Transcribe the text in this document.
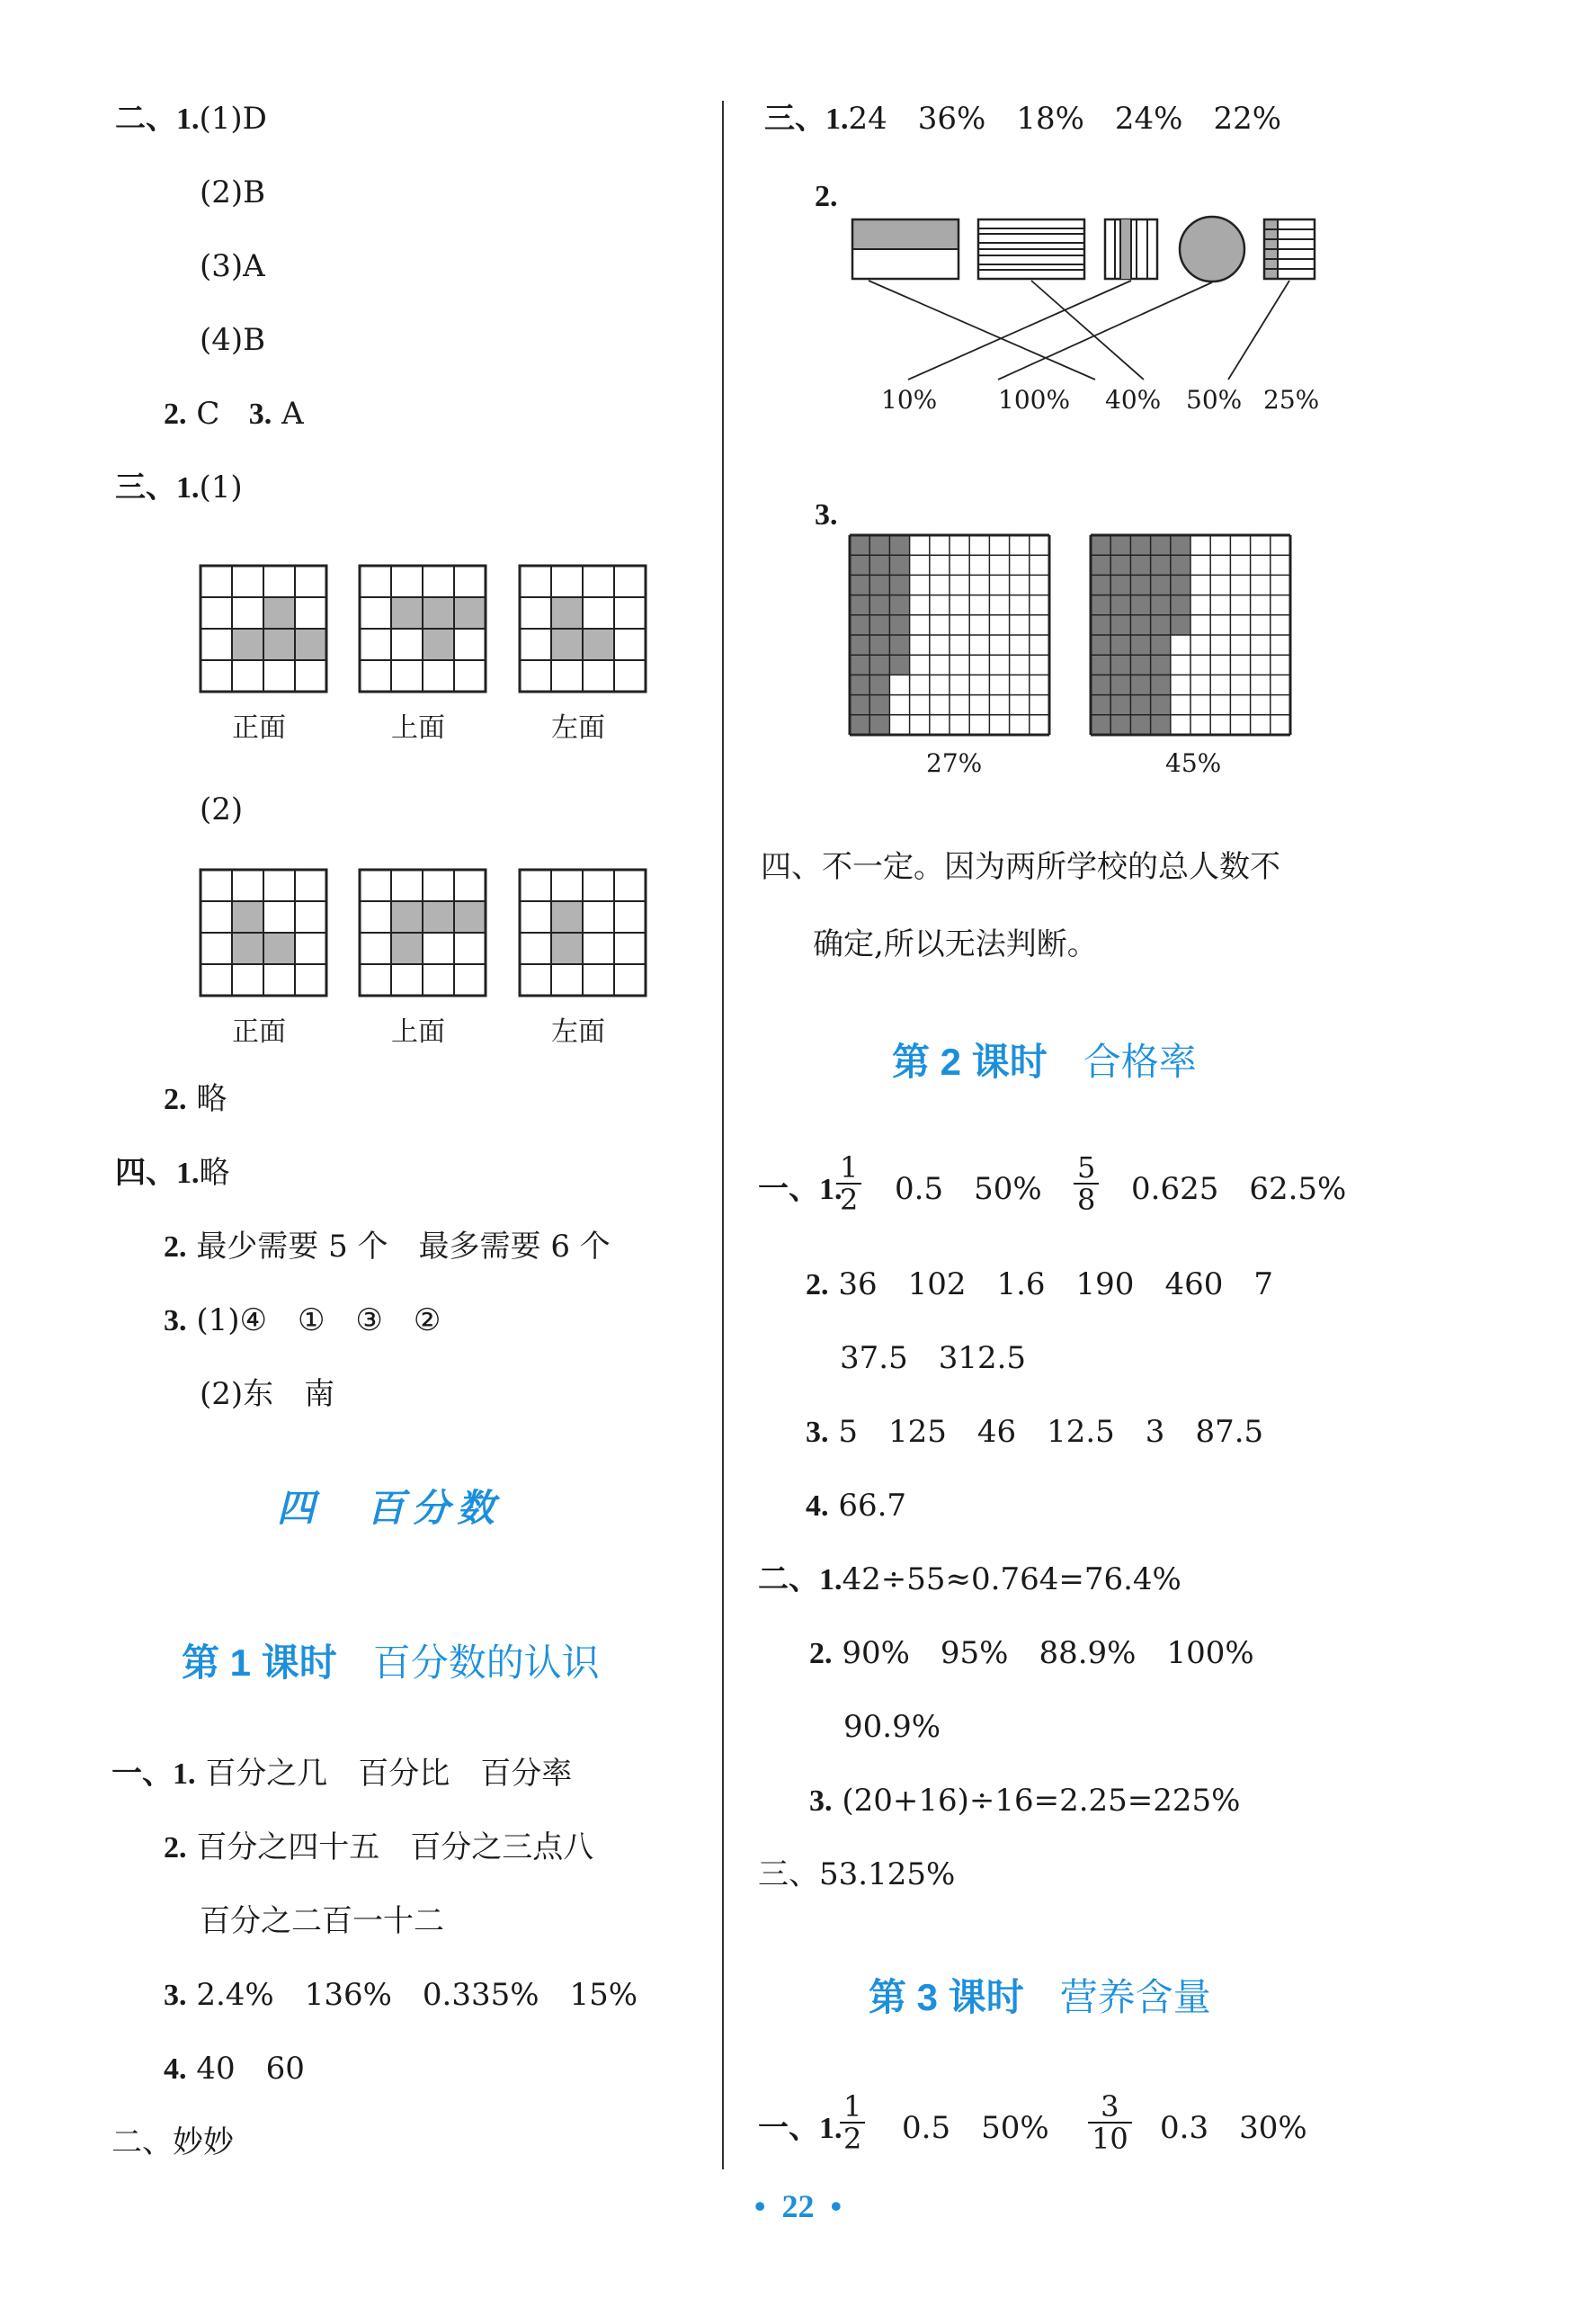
二、1.(1)D
(2)B
(3)A
(4)B
2. C 3. A
三、1.(1)
正面	上面	左面
(2)
正面	上面	左面
2. 略
四、1.略
2. 最少需要 5 个　最多需要 6 个
3. (1)④　①　③　②
(2)东　南
四　百分数
第 1 课时 百分数的认识
一、1. 百分之几　百分比　百分率
2. 百分之四十五　百分之三点八
百分之二百一十二
3. 2.4%　136%　0.335%　15%
4. 40　60
二、妙妙
三、1.24　36%　18%　24%　22%
2.
10% 100% 40% 50% 25%
3.
27%	45%
四、不一定。因为两所学校的总人数不
确定,所以无法判断。
第 2 课时 合格率
一、1.
$\frac{1}{2} 0.5$　$50\% \frac{5}{8} 0.625$　62.5%
2. 36　102　1.6　190　460　7
37.5　312.5
3. 5　125　46　12.5　3　87.5
4. 66.7
二、1.42÷55≈0.764=76.4%
2. 90%　95%　88.9%　100%
90.9%
3. (20+16)÷16=2.25=225%
三、53.125%
第 3 课时 营养含量
一、1.
$\frac{1}{2} 0.5$　$50\% \frac{3}{10} 0.3$　30%
• 22 •
